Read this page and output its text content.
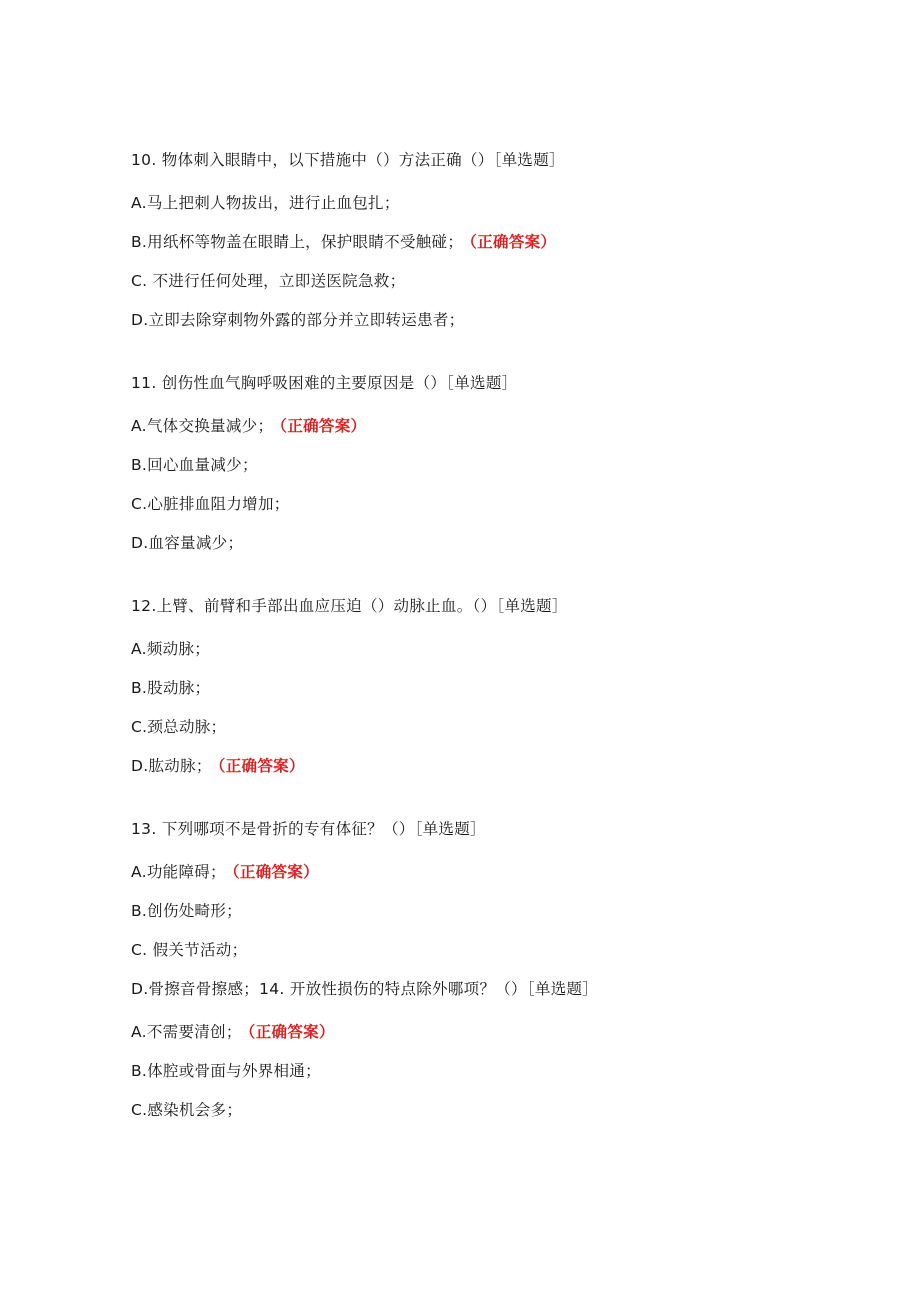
10. 物体刺入眼睛中，以下措施中（）方法正确（）［单选题］
A.马上把刺人物拔出，进行止血包扎；
B.用纸杯等物盖在眼睛上，保护眼睛不受触碰； （正确答案）
C. 不进行任何处理，立即送医院急救；
D.立即去除穿刺物外露的部分并立即转运患者；
11. 创伤性血气胸呼吸困难的主要原因是（）［单选题］
A.气体交换量减少； （正确答案）
B.回心血量减少；
C.心脏排血阻力增加；
D.血容量减少；
12.上臂、前臂和手部出血应压迫（）动脉止血。（）［单选题］
A.频动脉；
B.股动脉；
C.颈总动脉；
D.肱动脉； （正确答案）
13. 下列哪项不是骨折的专有体征？（）［单选题］
A.功能障碍； （正确答案）
B.创伤处畸形；
C. 假关节活动；
D.骨擦音骨擦感；14. 开放性损伤的特点除外哪项？（）［单选题］
A.不需要清创； （正确答案）
B.体腔或骨面与外界相通；
C.感染机会多；
